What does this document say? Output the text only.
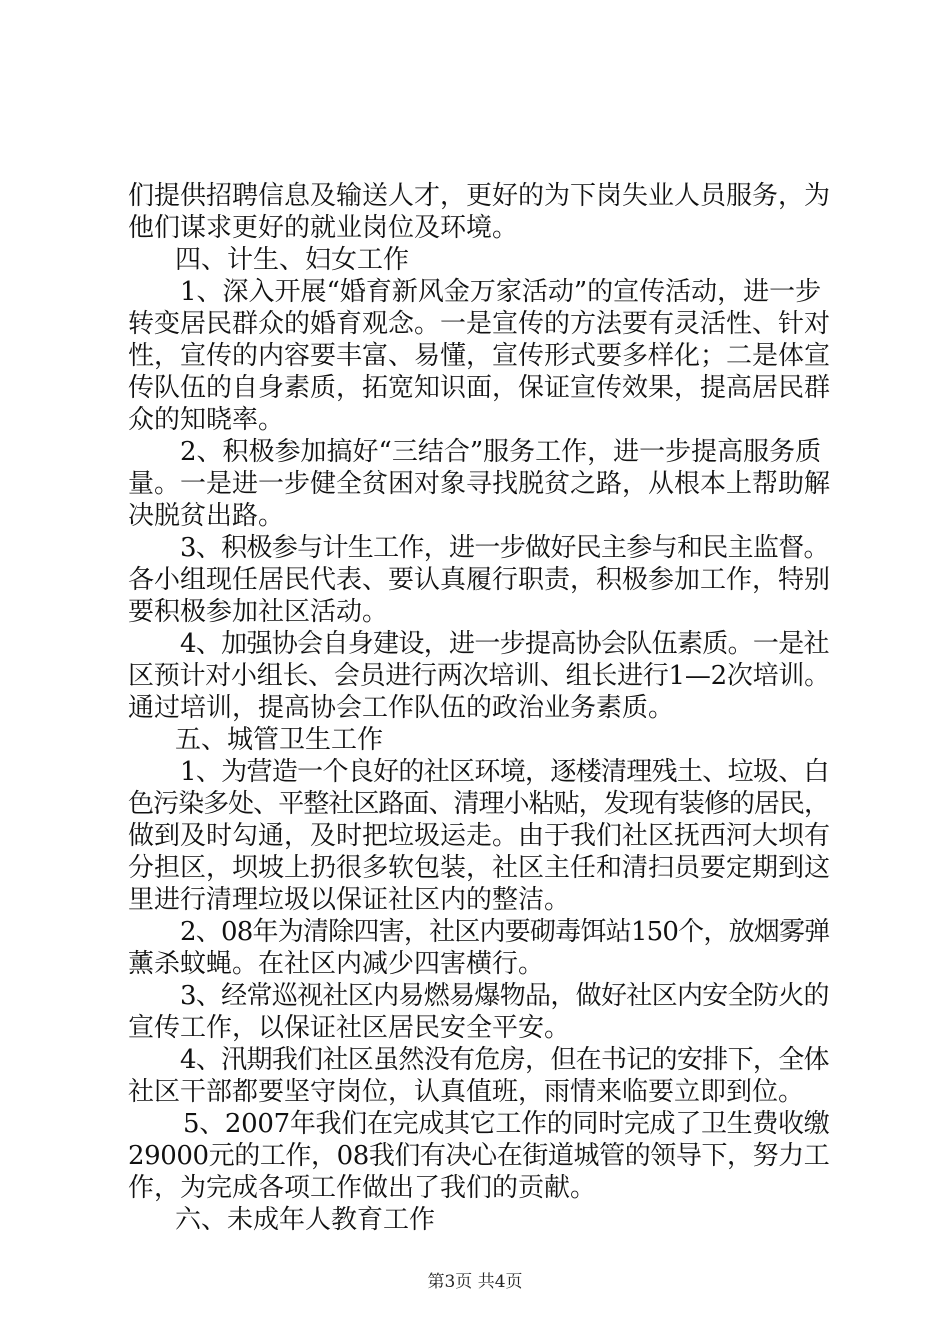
们提供招聘信息及输送人才，更好的为下岗失业人员服务，为
他们谋求更好的就业岗位及环境。
四、计生、妇女工作
1、深入开展“婚育新风金万家活动”的宣传活动，进一步
转变居民群众的婚育观念。一是宣传的方法要有灵活性、针对
性，宣传的内容要丰富、易懂，宣传形式要多样化；二是体宣
传队伍的自身素质，拓宽知识面，保证宣传效果，提高居民群
众的知晓率。
2、积极参加搞好“三结合”服务工作，进一步提高服务质
量。一是进一步健全贫困对象寻找脱贫之路，从根本上帮助解
决脱贫出路。
3、积极参与计生工作，进一步做好民主参与和民主监督。
各小组现任居民代表、要认真履行职责，积极参加工作，特别
要积极参加社区活动。
4、加强协会自身建设，进一步提高协会队伍素质。一是社
区预计对小组长、会员进行两次培训、组长进行1—2次培训。
通过培训，提高协会工作队伍的政治业务素质。
五、城管卫生工作
1、为营造一个良好的社区环境，逐楼清理残土、垃圾、白
色污染多处、平整社区路面、清理小粘贴，发现有装修的居民，
做到及时勾通，及时把垃圾运走。由于我们社区抚西河大坝有
分担区，坝坡上扔很多软包装，社区主任和清扫员要定期到这
里进行清理垃圾以保证社区内的整洁。
2、08年为清除四害，社区内要砌毒饵站150个，放烟雾弹
薰杀蚊蝇。在社区内减少四害横行。
3、经常巡视社区内易燃易爆物品，做好社区内安全防火的
宣传工作，以保证社区居民安全平安。
4、汛期我们社区虽然没有危房，但在书记的安排下，全体
社区干部都要坚守岗位，认真值班，雨情来临要立即到位。
5、2007年我们在完成其它工作的同时完成了卫生费收缴
29000元的工作，08我们有决心在街道城管的领导下，努力工
作，为完成各项工作做出了我们的贡献。
六、未成年人教育工作
第3页 共4页
